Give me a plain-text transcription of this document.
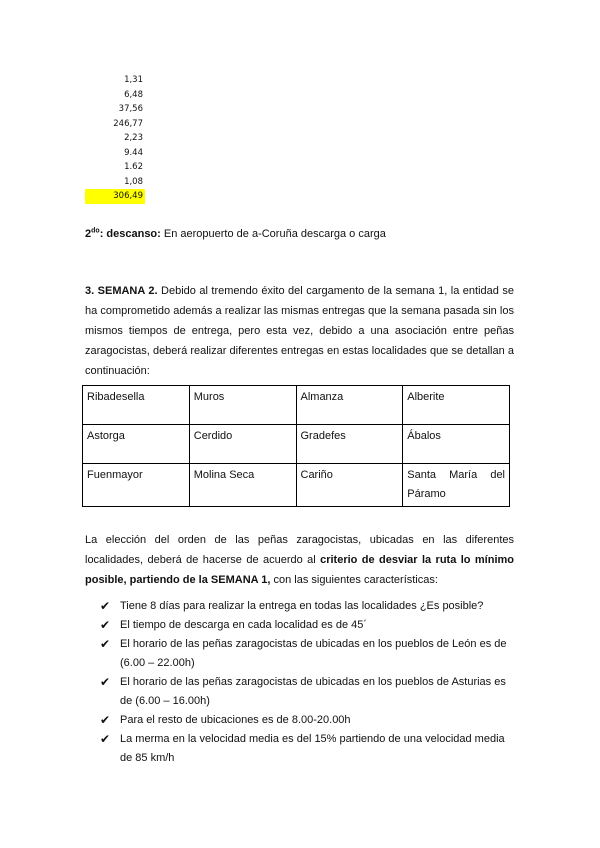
1,31
6,48
37,56
246,77
2,23
9.44
1.62
1,08
306,49

$2^{do}$: descanso: En aeropuerto de a-Coruña descarga o carga

3. SEMANA 2. Debido al tremendo éxito del cargamento de la semana 1, la entidad se ha comprometido además a realizar las mismas entregas que la semana pasada sin los mismos tiempos de entrega, pero esta vez, debido a una asociación entre peñas zaragocistas, deberá realizar diferentes entregas en estas localidades que se detallan a continuación:

Ribadesella	Muros	Almanza	Alberite
Astorga	Cerdido	Gradefes	Ábalos
Fuenmayor	Molina Seca	Cariño	Santa María del Páramo

La elección del orden de las peñas zaragocistas, ubicadas en las diferentes localidades, deberá de hacerse de acuerdo al criterio de desviar la ruta lo mínimo posible, partiendo de la SEMANA 1, con las siguientes características:

✔ Tiene 8 días para realizar la entrega en todas las localidades ¿Es posible?
✔ El tiempo de descarga en cada localidad es de 45´
✔ El horario de las peñas zaragocistas de ubicadas en los pueblos de León es de (6.00 – 22.00h)
✔ El horario de las peñas zaragocistas de ubicadas en los pueblos de Asturias es de (6.00 – 16.00h)
✔ Para el resto de ubicaciones es de 8.00-20.00h
✔ La merma en la velocidad media es del 15% partiendo de una velocidad media de 85 km/h
